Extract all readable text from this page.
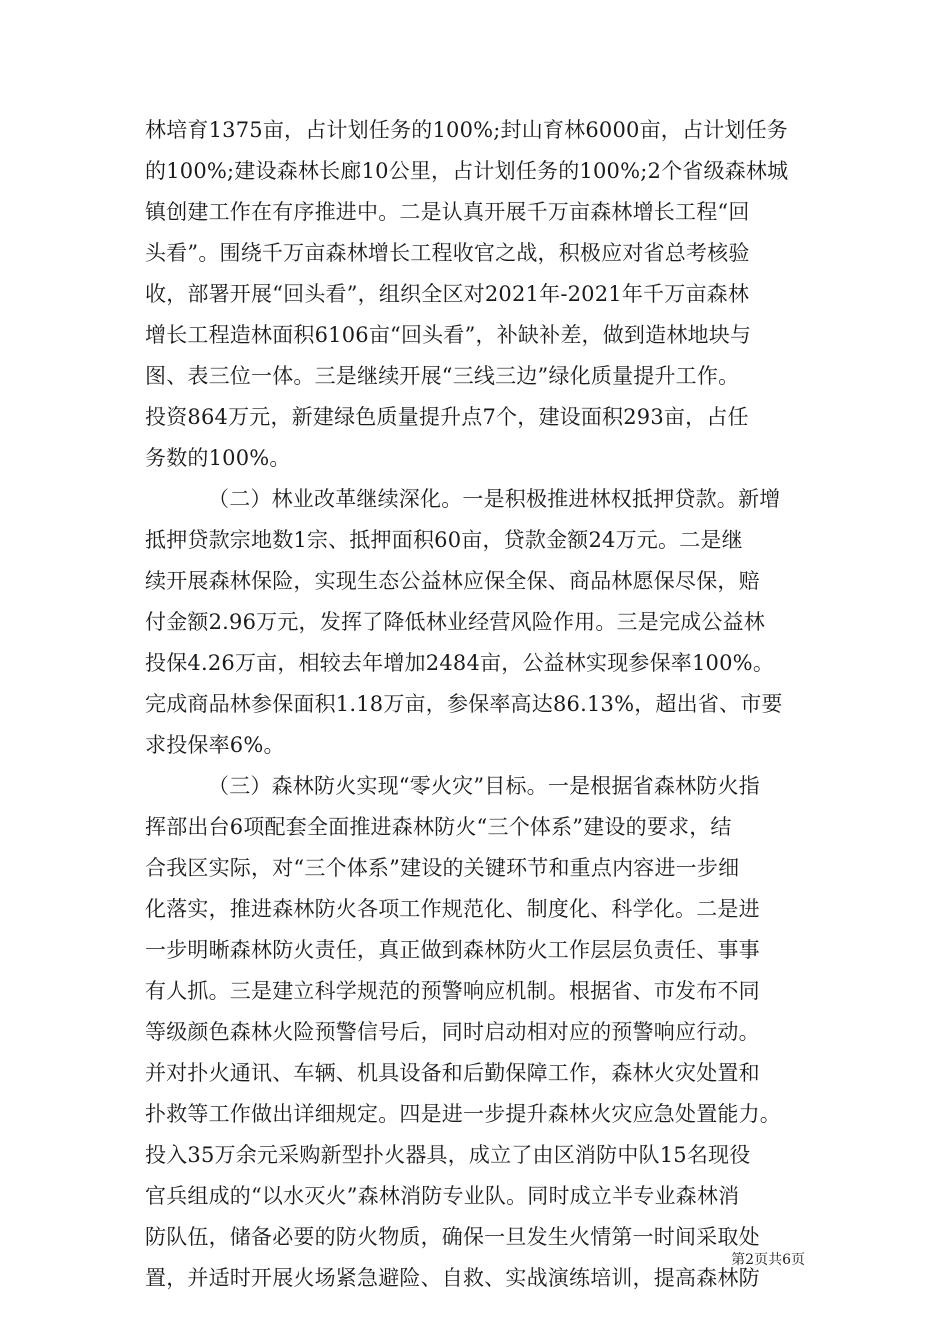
林培育1375亩，占计划任务的100%;封山育林6000亩，占计划任务
的100%;建设森林长廊10公里，占计划任务的100%;2个省级森林城
镇创建工作在有序推进中。二是认真开展千万亩森林增长工程“回
头看”。围绕千万亩森林增长工程收官之战，积极应对省总考核验
收，部署开展“回头看”，组织全区对2021年-2021年千万亩森林
增长工程造林面积6106亩“回头看”，补缺补差，做到造林地块与
图、表三位一体。三是继续开展“三线三边”绿化质量提升工作。
投资864万元，新建绿色质量提升点7个，建设面积293亩，占任
务数的100%。
（二）林业改革继续深化。一是积极推进林权抵押贷款。新增
抵押贷款宗地数1宗、抵押面积60亩，贷款金额24万元。二是继
续开展森林保险，实现生态公益林应保全保、商品林愿保尽保，赔
付金额2.96万元，发挥了降低林业经营风险作用。三是完成公益林
投保4.26万亩，相较去年增加2484亩，公益林实现参保率100%。
完成商品林参保面积1.18万亩，参保率高达86.13%，超出省、市要
求投保率6%。
（三）森林防火实现“零火灾”目标。一是根据省森林防火指
挥部出台6项配套全面推进森林防火“三个体系”建设的要求，结
合我区实际，对“三个体系”建设的关键环节和重点内容进一步细
化落实，推进森林防火各项工作规范化、制度化、科学化。二是进
一步明晰森林防火责任，真正做到森林防火工作层层负责任、事事
有人抓。三是建立科学规范的预警响应机制。根据省、市发布不同
等级颜色森林火险预警信号后，同时启动相对应的预警响应行动。
并对扑火通讯、车辆、机具设备和后勤保障工作，森林火灾处置和
扑救等工作做出详细规定。四是进一步提升森林火灾应急处置能力。
投入35万余元采购新型扑火器具，成立了由区消防中队15名现役
官兵组成的“以水灭火”森林消防专业队。同时成立半专业森林消
防队伍，储备必要的防火物质，确保一旦发生火情第一时间采取处
置，并适时开展火场紧急避险、自救、实战演练培训，提高森林防
第2页共6页
